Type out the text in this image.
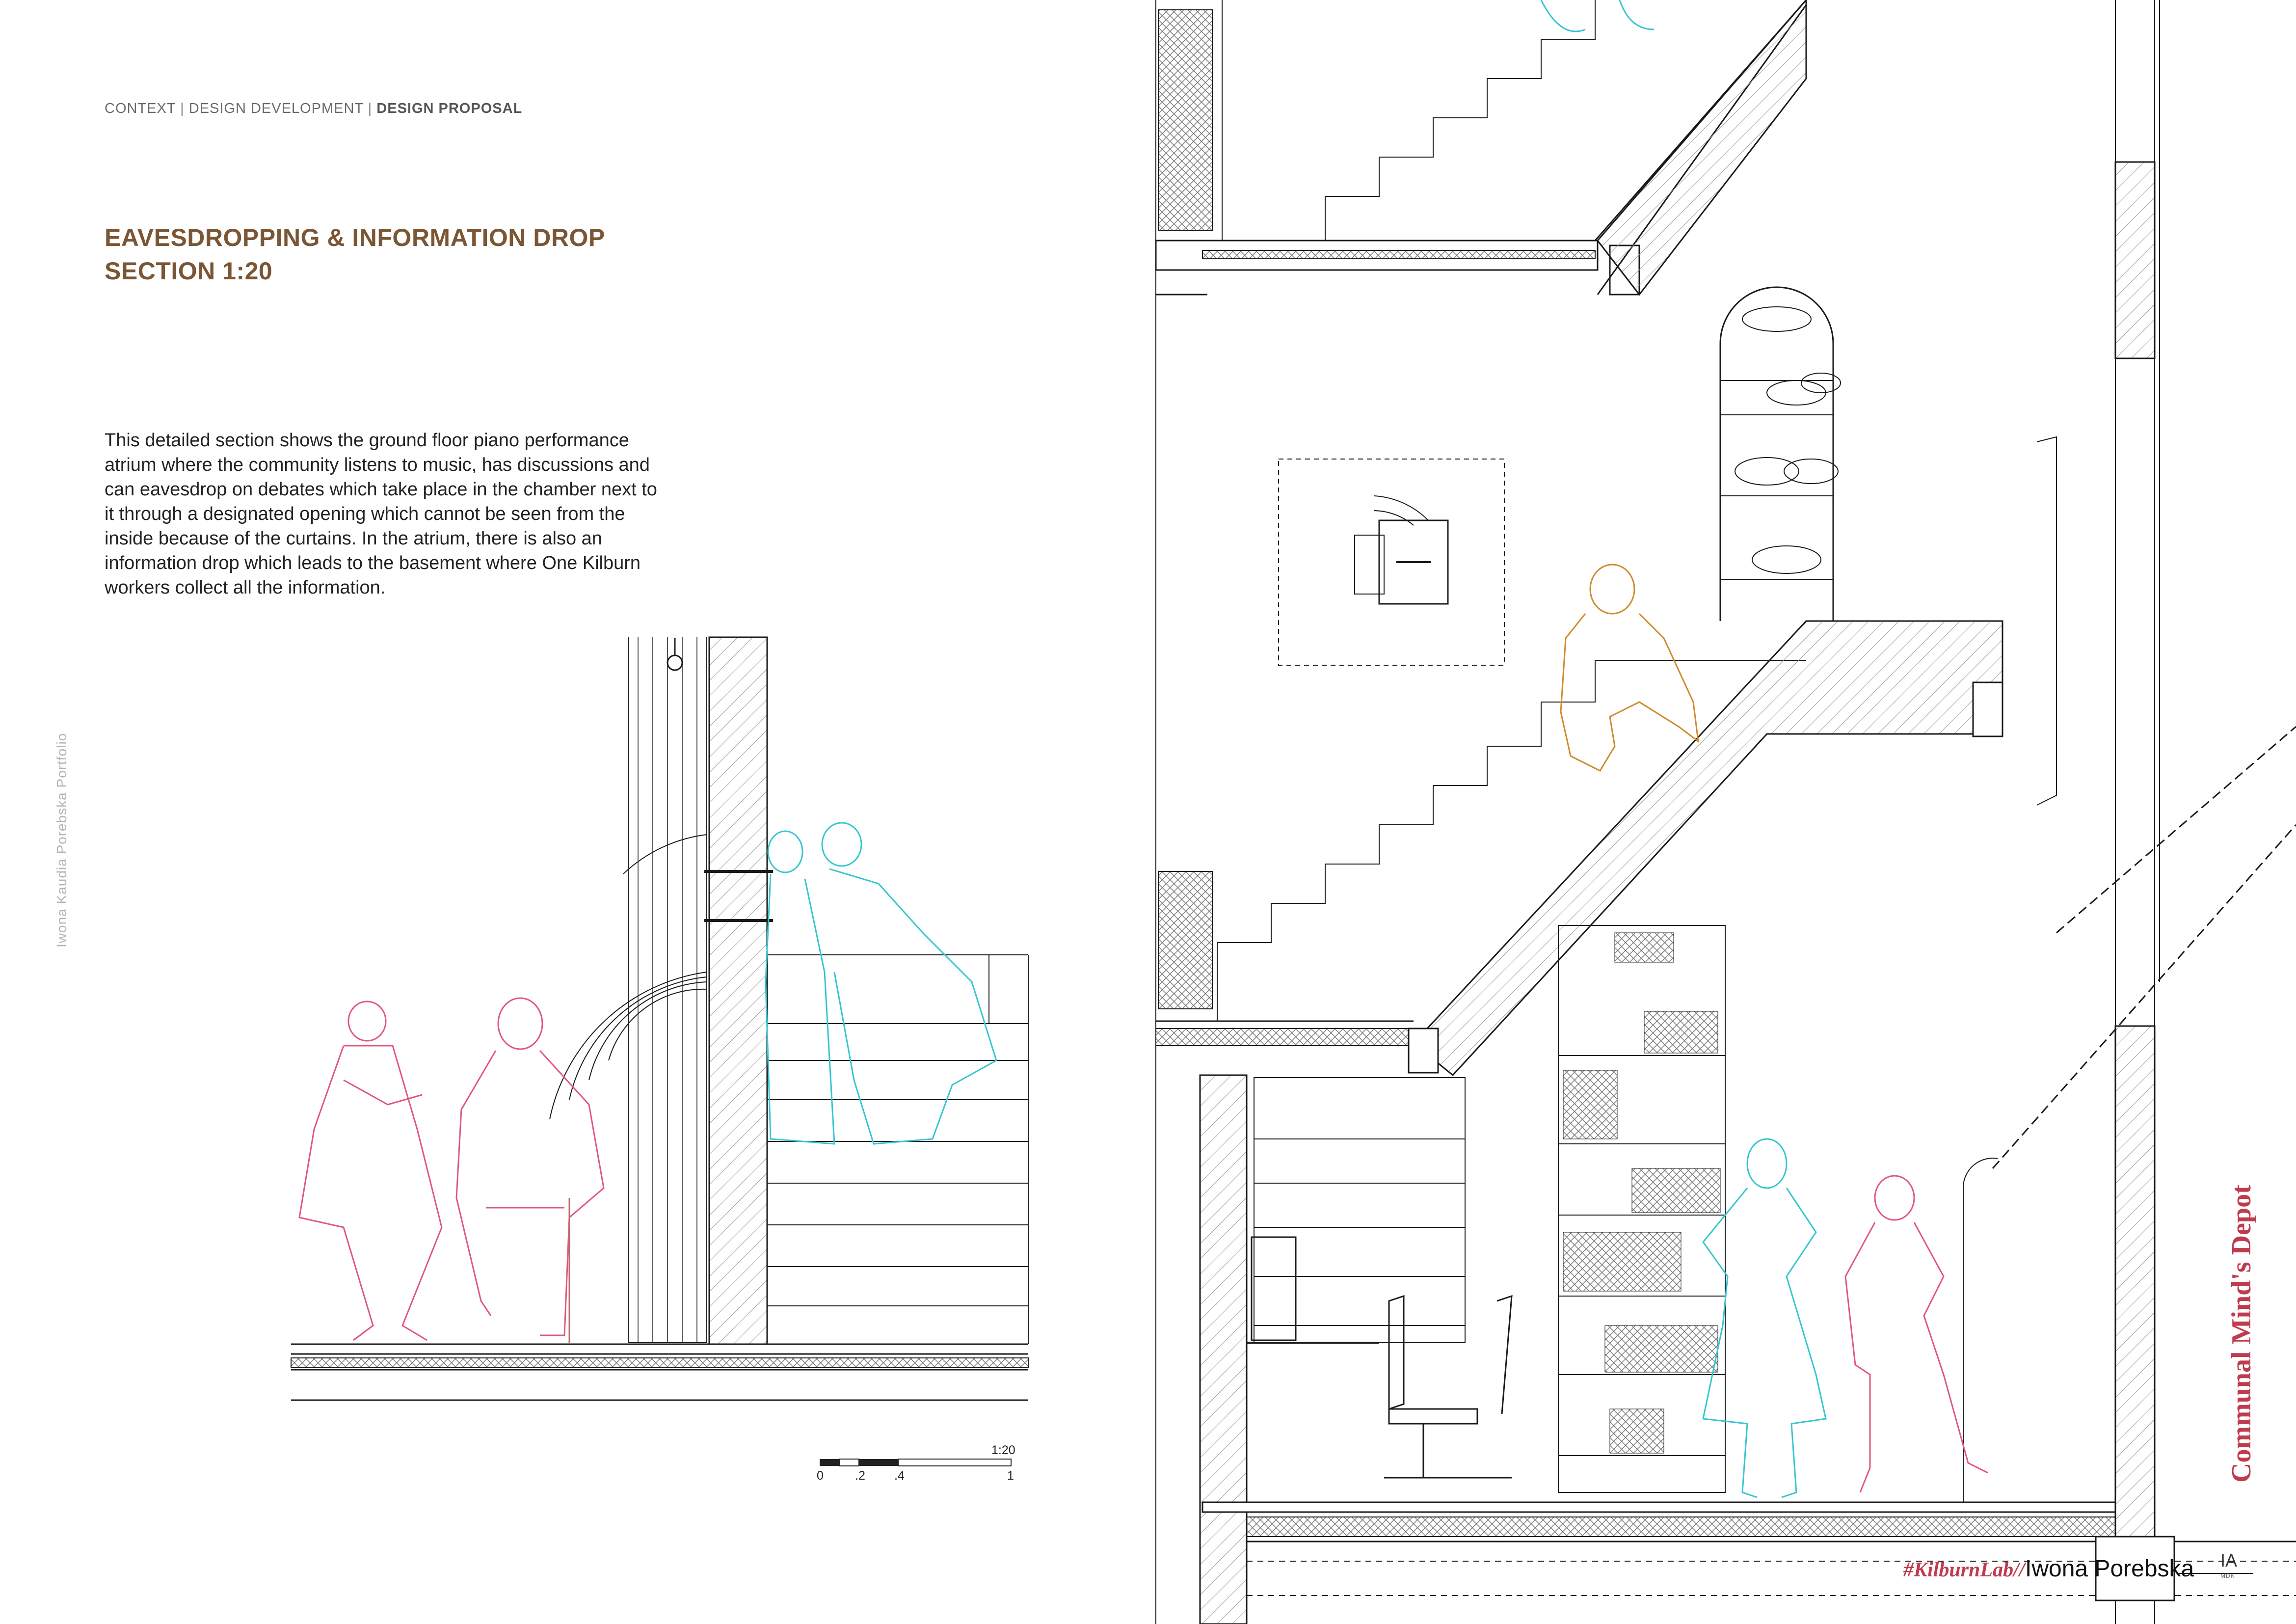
CONTEXT | DESIGN DEVELOPMENT | DESIGN PROPOSAL
EAVESDROPPING & INFORMATION DROP
SECTION 1:20
This detailed section shows the ground floor piano performance atrium where the community listens to music, has discussions and can eavesdrop on debates which take place in the chamber next to it through a designated opening which cannot be seen from the inside because of the curtains. In the atrium, there is also an information drop which leads to the basement where One Kilburn workers collect all the information.
Iwona Kaudia Porebska Portfolio
1:20
0	.2 .4	1	Communal Mind's Depot
#KilburnLab// Iwona Porebska IA
MDK
